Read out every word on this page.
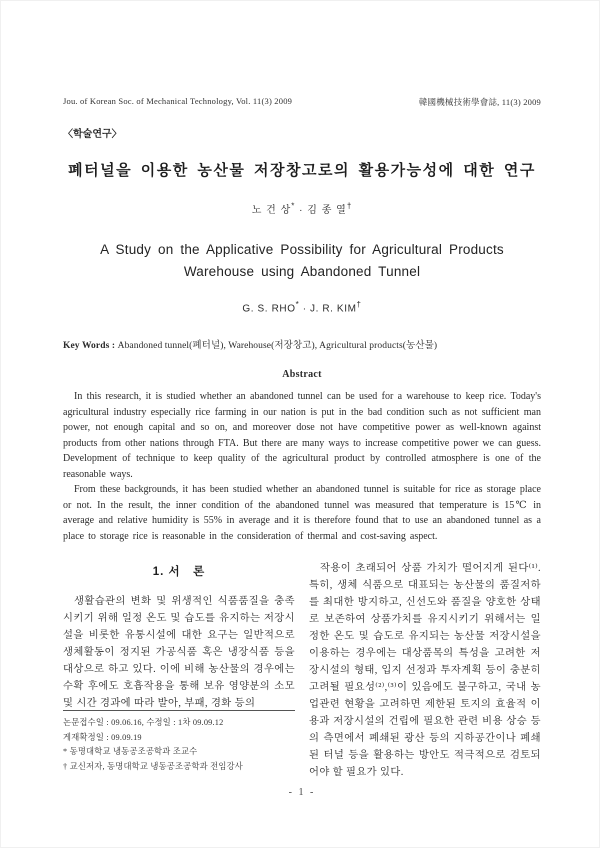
Jou. of Korean Soc. of Mechanical Technology, Vol. 11(3) 2009	韓國機械技術學會誌, 11(3) 2009
〈학술연구〉
폐터널을 이용한 농산물 저장창고로의 활용가능성에 대한 연구
노 건 상* · 김 종 열†
A Study on the Applicative Possibility for Agricultural Products Warehouse using Abandoned Tunnel
G. S. RHO* · J. R. KIM†
Key Words : Abandoned tunnel(폐터널), Warehouse(저장창고), Agricultural products(농산물)
Abstract

In this research, it is studied whether an abandoned tunnel can be used for a warehouse to keep rice. Today's agricultural industry especially rice farming in our nation is put in the bad condition such as not sufficient man power, not enough capital and so on, and moreover dose not have competitive power as well-known against products from other nations through FTA. But there are many ways to increase competitive power we can guess. Development of technique to keep quality of the agricultural product by controlled atmosphere is one of the reasonable ways.

From these backgrounds, it has been studied whether an abandoned tunnel is suitable for rice as storage place or not. In the result, the inner condition of the abandoned tunnel was measured that temperature is 15℃ in average and relative humidity is 55% in average and it is therefore found that to use an abandoned tunnel as a place to storage rice is reasonable in the consideration of thermal and cost-saving aspect.

1. 서 론

생활습관의 변화 및 위생적인 식품품질을 충족시키기 위해 일정 온도 및 습도를 유지하는 저장시설을 비롯한 유통시설에 대한 요구는 일반적으로 생체활동이 정지된 가공식품 혹은 냉장식품 등을 대상으로 하고 있다. 이에 비해 농산물의 경우에는 수확 후에도 호흡작용을 통해 보유 영양분의 소모 및 시간 경과에 따라 발아, 부패, 경화 등의

논문접수일 : 09.06.16, 수정일 : 1차 09.09.12
게재확정일 : 09.09.19
* 동명대학교 냉동공조공학과 조교수
† 교신저자, 동명대학교 냉동공조공학과 전임강사

작용이 초래되어 상품 가치가 떨어지게 된다⁽¹⁾. 특히, 생체 식품으로 대표되는 농산물의 품질저하를 최대한 방지하고, 신선도와 품질을 양호한 상태로 보존하여 상품가치를 유지시키기 위해서는 일정한 온도 및 습도로 유지되는 농산물 저장시설을 이용하는 경우에는 대상품목의 특성을 고려한 저장시설의 형태, 입지 선정과 투자계획 등이 충분히 고려될 필요성⁽²⁾,⁽³⁾이 있음에도 불구하고, 국내 농업관련 현황을 고려하면 제한된 토지의 효율적 이용과 저장시설의 건립에 필요한 관련 비용 상승 등의 측면에서 폐쇄된 광산 등의 지하공간이나 폐쇄된 터널 등을 활용하는 방안도 적극적으로 검토되어야 할 필요가 있다.

- 1 -
